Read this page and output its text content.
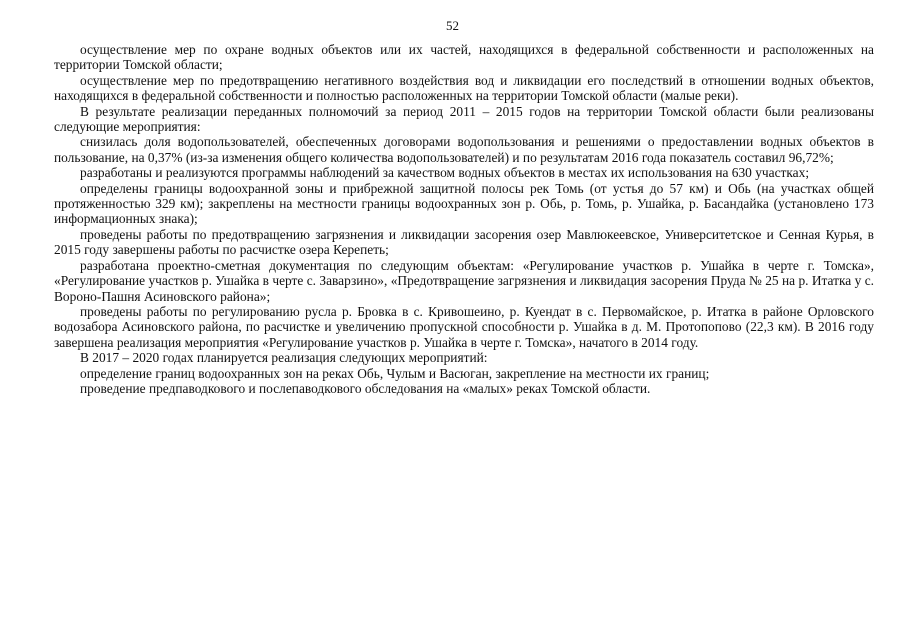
52

осуществление мер по охране водных объектов или их частей, находящихся в федеральной собственности и расположенных на территории Томской области;

осуществление мер по предотвращению негативного воздействия вод и ликвидации его последствий в отношении водных объектов, находящихся в федеральной собственности и полностью расположенных на территории Томской области (малые реки).

В результате реализации переданных полномочий за период 2011 – 2015 годов на территории Томской области были реализованы следующие мероприятия:

снизилась доля водопользователей, обеспеченных договорами водопользования и решениями о предоставлении водных объектов в пользование, на 0,37% (из-за изменения общего количества водопользователей) и по результатам 2016 года показатель составил 96,72%;

разработаны и реализуются программы наблюдений за качеством водных объектов в местах их использования на 630 участках;

определены границы водоохранной зоны и прибрежной защитной полосы рек Томь (от устья до 57 км) и Обь (на участках общей протяженностью 329 км); закреплены на местности границы водоохранных зон р. Обь, р. Томь, р. Ушайка, р. Басандайка (установлено 173 информационных знака);

проведены работы по предотвращению загрязнения и ликвидации засорения озер Мавлюкеевское, Университетское и Сенная Курья, в 2015 году завершены работы по расчистке озера Керепеть;

разработана проектно-сметная документация по следующим объектам: «Регулирование участков р. Ушайка в черте г. Томска», «Регулирование участков р. Ушайка в черте с. Заварзино», «Предотвращение загрязнения и ликвидация засорения Пруда № 25 на р. Итатка у с. Вороно-Пашня Асиновского района»;

проведены работы по регулированию русла р. Бровка в с. Кривошеино, р. Куендат в с. Первомайское, р. Итатка в районе Орловского водозабора Асиновского района, по расчистке и увеличению пропускной способности р. Ушайка в д. М. Протопопово (22,3 км). В 2016 году завершена реализация мероприятия «Регулирование участков р. Ушайка в черте г. Томска», начатого в 2014 году.

В 2017 – 2020 годах планируется реализация следующих мероприятий:

определение границ водоохранных зон на реках Обь, Чулым и Васюган, закрепление на местности их границ;

проведение предпаводкового и послепаводкового обследования на «малых» реках Томской области.
